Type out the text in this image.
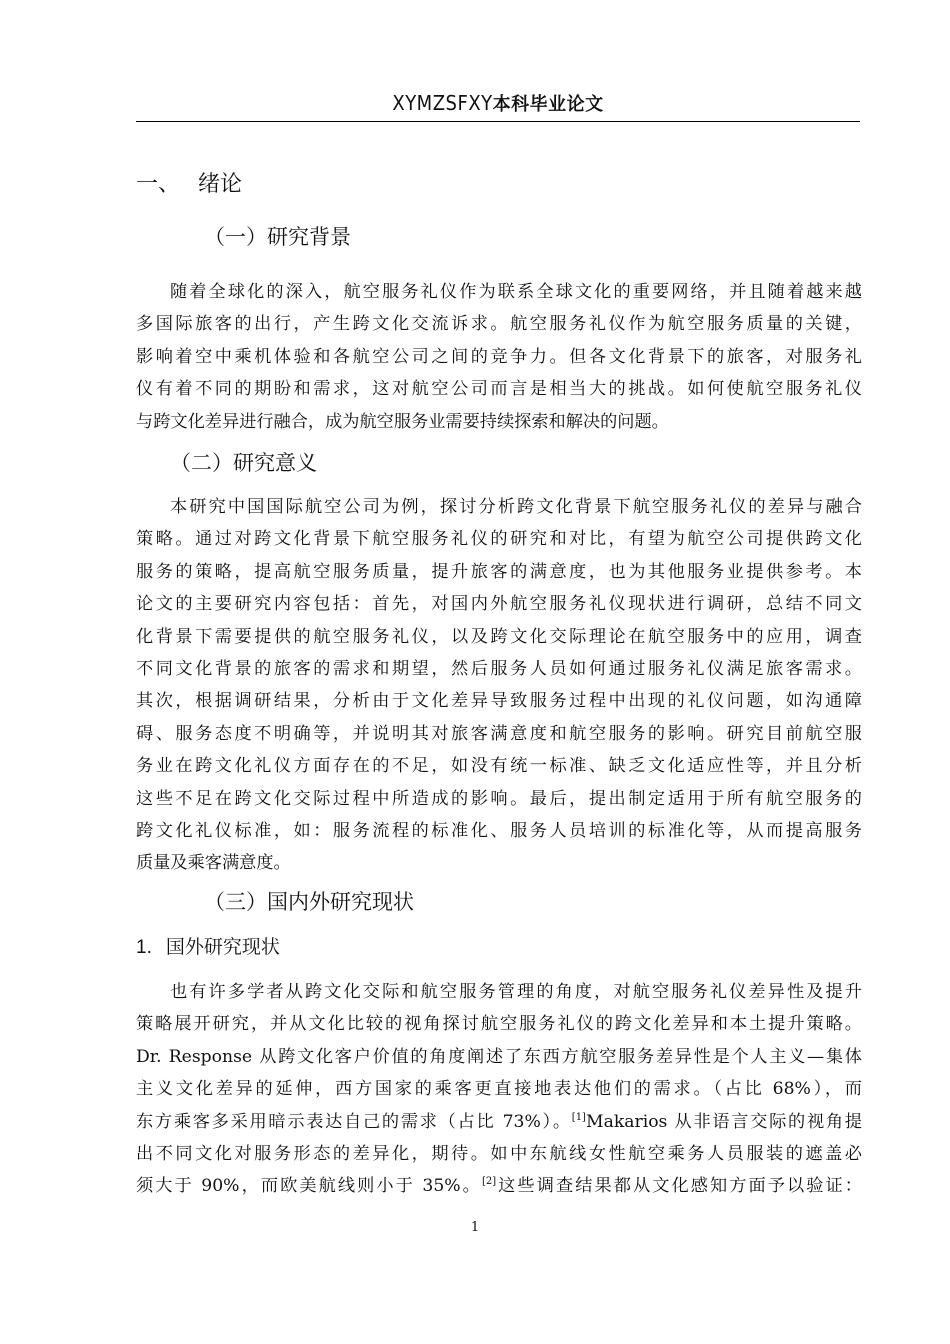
XYMZSFXY本科毕业论文
一、 绪论
（一）研究背景
随着全球化的深入，航空服务礼仪作为联系全球文化的重要网络，并且随着越来越
多国际旅客的出行，产生跨文化交流诉求。航空服务礼仪作为航空服务质量的关键，
影响着空中乘机体验和各航空公司之间的竞争力。但各文化背景下的旅客，对服务礼
仪有着不同的期盼和需求，这对航空公司而言是相当大的挑战。如何使航空服务礼仪
与跨文化差异进行融合，成为航空服务业需要持续探索和解决的问题。
（二）研究意义
本研究中国国际航空公司为例，探讨分析跨文化背景下航空服务礼仪的差异与融合
策略。通过对跨文化背景下航空服务礼仪的研究和对比，有望为航空公司提供跨文化
服务的策略，提高航空服务质量，提升旅客的满意度，也为其他服务业提供参考。本
论文的主要研究内容包括：首先，对国内外航空服务礼仪现状进行调研，总结不同文
化背景下需要提供的航空服务礼仪，以及跨文化交际理论在航空服务中的应用，调查
不同文化背景的旅客的需求和期望，然后服务人员如何通过服务礼仪满足旅客需求。
其次，根据调研结果，分析由于文化差异导致服务过程中出现的礼仪问题，如沟通障
碍、服务态度不明确等，并说明其对旅客满意度和航空服务的影响。研究目前航空服
务业在跨文化礼仪方面存在的不足，如没有统一标准、缺乏文化适应性等，并且分析
这些不足在跨文化交际过程中所造成的影响。最后，提出制定适用于所有航空服务的
跨文化礼仪标准，如：服务流程的标准化、服务人员培训的标准化等，从而提高服务
质量及乘客满意度。
（三）国内外研究现状
1. 国外研究现状
也有许多学者从跨文化交际和航空服务管理的角度，对航空服务礼仪差异性及提升
策略展开研究，并从文化比较的视角探讨航空服务礼仪的跨文化差异和本土提升策略。
Dr. Response 从跨文化客户价值的角度阐述了东西方航空服务差异性是个人主义—集体
主义文化差异的延伸，西方国家的乘客更直接地表达他们的需求。（占比 68%），而
东方乘客多采用暗示表达自己的需求（占比 73%）。[1]Makarios 从非语言交际的视角提
出不同文化对服务形态的差异化，期待。如中东航线女性航空乘务人员服装的遮盖必
须大于 90%，而欧美航线则小于 35%。[2]这些调查结果都从文化感知方面予以验证：
1
